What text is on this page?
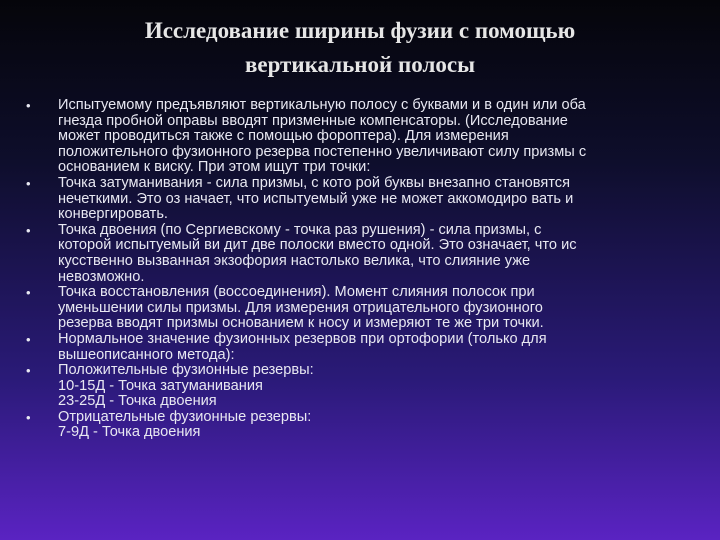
Исследование ширины фузии с помощью
вертикальной полосы
•	Испытуемому предъявляют вертикальную полосу с буквами и в один или оба
гнезда пробной оправы вводят призменные компенсаторы. (Исследование
может проводиться также с помощью фороптера). Для измерения
положительного фузионного резерва постепенно увеличивают силу призмы с
основанием к виску. При этом ищут три точки:
•	Точка затуманивания - сила призмы, с кото рой буквы внезапно становятся
нечеткими. Это оз начает, что испытуемый уже не может аккомодиро вать и
конвергировать.
•	Точка двоения (по Сергиевскому - точка раз рушения) - сила призмы, с
которой испытуемый ви дит две полоски вместо одной. Это означает, что ис
кусственно вызванная экзофория настолько велика, что слияние уже
невозможно.
•	Точка восстановления (воссоединения). Момент слияния полосок при
уменьшении силы призмы. Для измерения отрицательного фузионного
резерва вводят призмы основанием к носу и измеряют те же три точки.
•	Нормальное значение фузионных резервов при ортофории (только для
вышеописанного метода):
•	Положительные фузионные резервы:
10-15Д - Точка затуманивания
23-25Д - Точка двоения
•	Отрицательные фузионные резервы:
7-9Д - Точка двоения
